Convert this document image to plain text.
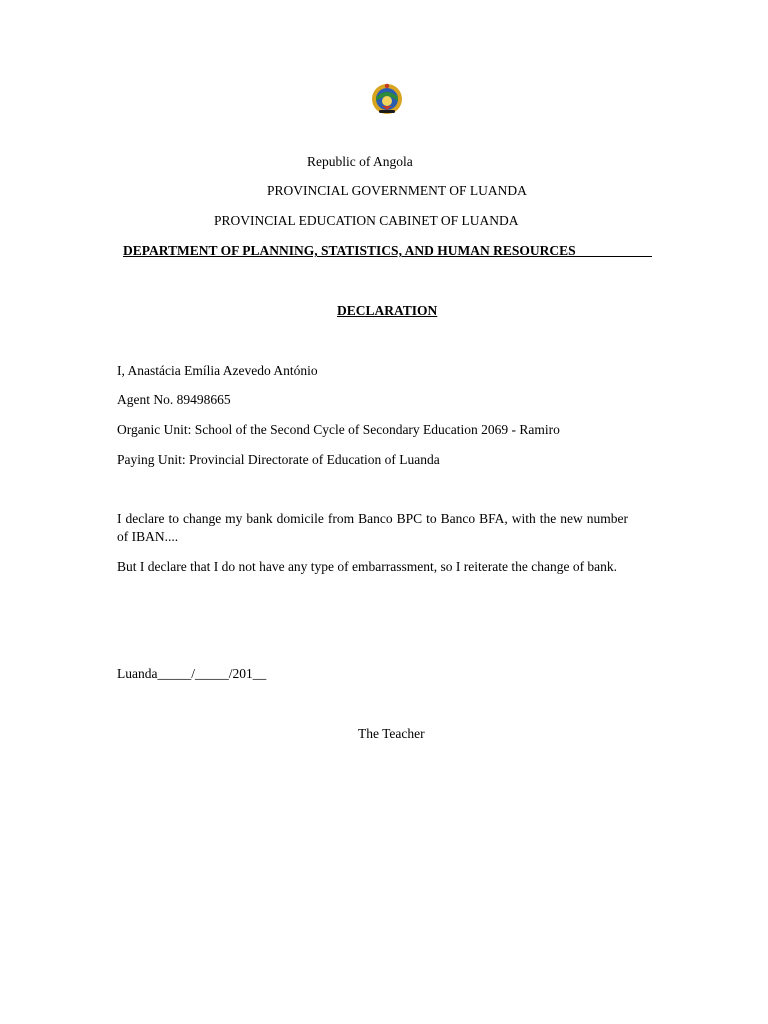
Republic of Angola
PROVINCIAL GOVERNMENT OF LUANDA
PROVINCIAL EDUCATION CABINET OF LUANDA
DEPARTMENT OF PLANNING, STATISTICS, AND HUMAN RESOURCES
DECLARATION
I, Anastácia Emília Azevedo António
Agent No. 89498665
Organic Unit: School of the Second Cycle of Secondary Education 2069 - Ramiro
Paying Unit: Provincial Directorate of Education of Luanda
I declare to change my bank domicile from Banco BPC to Banco BFA, with the new number of IBAN....
But I declare that I do not have any type of embarrassment, so I reiterate the change of bank.
Luanda_____/_____/201__
The Teacher
